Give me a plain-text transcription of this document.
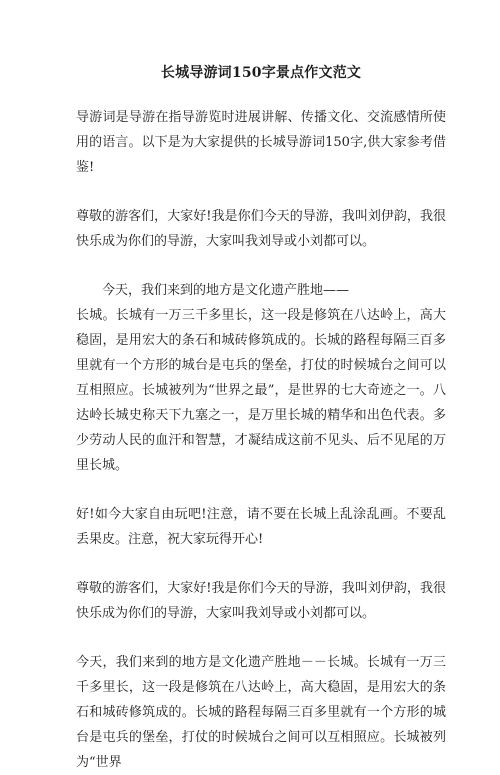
长城导游词150字景点作文范文

导游词是导游在指导游览时进展讲解、传播文化、交流感情所使用的语言。以下是为大家提供的长城导游词150字,供大家参考借鉴!

尊敬的游客们，大家好!我是你们今天的导游，我叫刘伊韵，我很快乐成为你们的导游，大家叫我刘导或小刘都可以。

今天，我们来到的地方是文化遗产胜地——

长城。长城有一万三千多里长，这一段是修筑在八达岭上，高大稳固，是用宏大的条石和城砖修筑成的。长城的路程每隔三百多里就有一个方形的城台是屯兵的堡垒，打仗的时候城台之间可以互相照应。长城被列为“世界之最”，是世界的七大奇迹之一。八达岭长城史称天下九塞之一，是万里长城的精华和出色代表。多少劳动人民的血汗和智慧，才凝结成这前不见头、后不见尾的万里长城。

好!如今大家自由玩吧!注意，请不要在长城上乱涂乱画。不要乱丢果皮。注意，祝大家玩得开心!

尊敬的游客们，大家好!我是你们今天的导游，我叫刘伊韵，我很快乐成为你们的导游，大家叫我刘导或小刘都可以。

今天，我们来到的地方是文化遗产胜地－－长城。长城有一万三千多里长，这一段是修筑在八达岭上，高大稳固，是用宏大的条石和城砖修筑成的。长城的路程每隔三百多里就有一个方形的城台是屯兵的堡垒，打仗的时候城台之间可以互相照应。长城被列为“世界
